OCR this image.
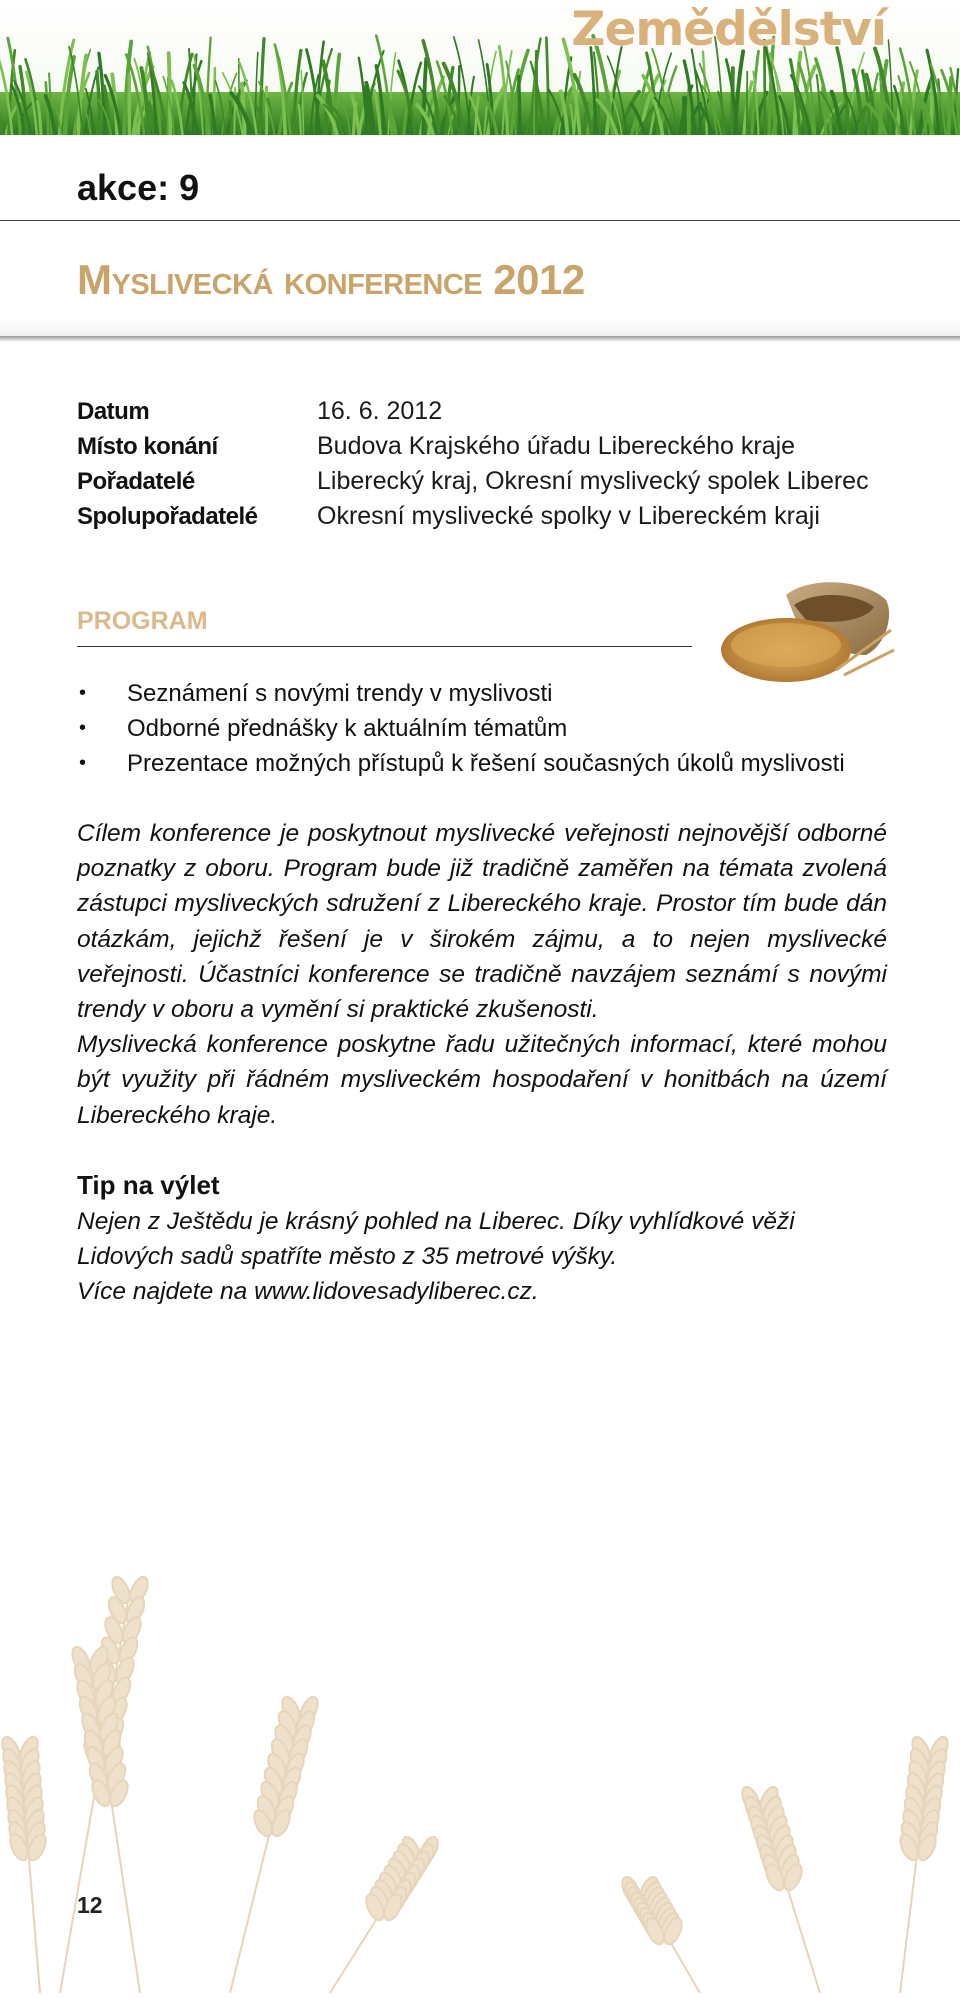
Zemědělství
akce: 9
Myslivecká konference 2012
Datum	16. 6. 2012
Místo konání	Budova Krajského úřadu Libereckého kraje
Pořadatelé	Liberecký kraj, Okresní myslivecký spolek Liberec
Spolupořadatelé	Okresní myslivecké spolky v Libereckém kraji
PROGRAM
•	Seznámení s novými trendy v myslivosti
•	Odborné přednášky k aktuálním tématům
•	Prezentace možných přístupů k řešení současných úkolů myslivosti

Cílem konference je poskytnout myslivecké veřejnosti nejnovější odborné poznatky z oboru. Program bude již tradičně zaměřen na témata zvolená zástupci mysliveckých sdružení z Libereckého kraje. Prostor tím bude dán otázkám, jejichž řešení je v širokém zájmu, a to nejen myslivecké veřejnosti. Účastníci konference se tradičně navzájem seznámí s novými trendy v oboru a vymění si praktické zkušenosti.

Myslivecká konference poskytne řadu užitečných informací, které mohou být využity při řádném mysliveckém hospodaření v honitbách na území Libereckého kraje.

Tip na výlet

Nejen z Ještědu je krásný pohled na Liberec. Díky vyhlídkové věži Lidových sadů spatříte město z 35 metrové výšky.

Více najdete na www.lidovesadyliberec.cz.

12
